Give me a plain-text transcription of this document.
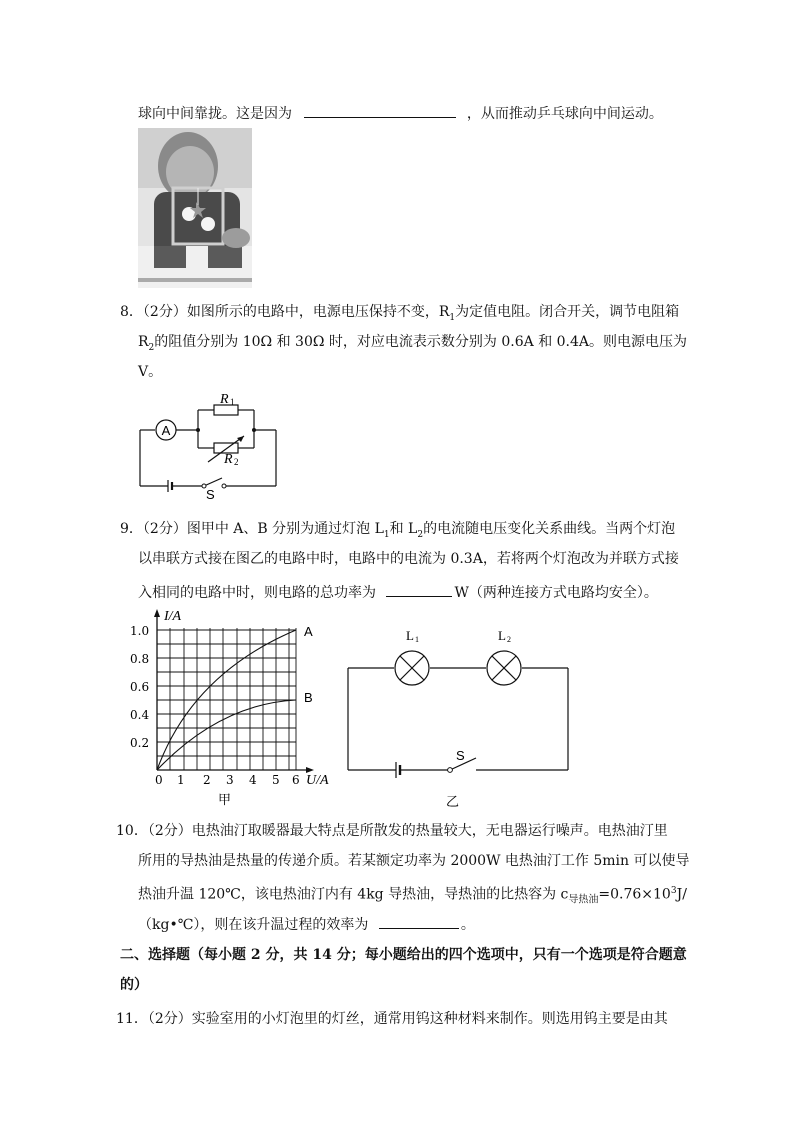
球向中间靠拢。这是因为	，从而推动乒乓球向中间运动。
8．（2分）如图所示的电路中，电源电压保持不变，$R_1$为定值电阻。闭合开关，调节电阻箱
$R_2$的阻值分别为 10Ω 和 30Ω 时，对应电流表示数分别为 0.6A 和 0.4A。则电源电压为
V。
A
R 1
R 2
S
9．（2分）图甲中 A、B 分别为通过灯泡 $L_1$和 $L_2$的电流随电压变化关系曲线。当两个灯泡
以串联方式接在图乙的电路中时，电路中的电流为 0.3A，若将两个灯泡改为并联方式接
入相同的电路中时，则电路的总功率为	W（两种连接方式电路均安全）。
I/A
U/A
1.0
0.8
0.6
0.4
0.2
0 1 2 3 4 5 6
A
B
甲
L 1	L 2
S
乙
10．（2分）电热油汀取暖器最大特点是所散发的热量较大，无电器运行噪声。电热油汀里
所用的导热油是热量的传递介质。若某额定功率为 2000W 电热油汀工作 5min 可以使导
热油升温 120℃，该电热油汀内有 4kg 导热油，导热油的比热容为 $c_{导热油}=0.76\times 10^3J/$
（kg•℃），则在该升温过程的效率为	。
二、选择题（每小题 2 分，共 14 分；每小题给出的四个选项中，只有一个选项是符合题意
的）
11．（2分）实验室用的小灯泡里的灯丝，通常用钨这种材料来制作。则选用钨主要是由其
